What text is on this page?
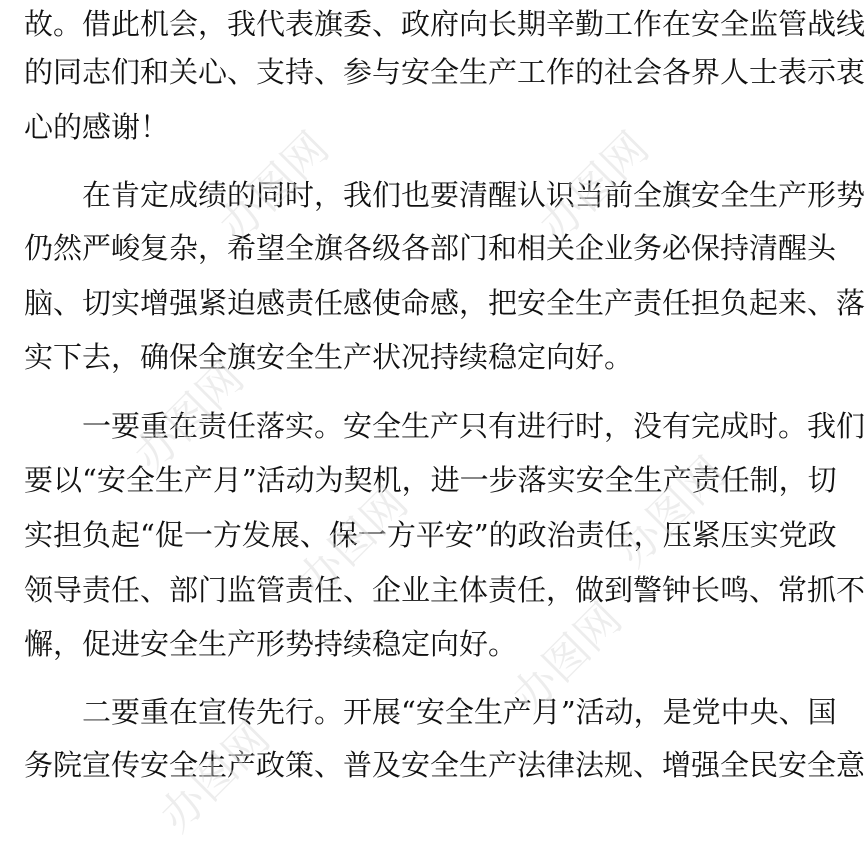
故。借此机会，我代表旗委、政府向长期辛勤工作在安全监管战线
的同志们和关心、支持、参与安全生产工作的社会各界人士表示衷
心的感谢！
在肯定成绩的同时，我们也要清醒认识当前全旗安全生产形势
仍然严峻复杂，希望全旗各级各部门和相关企业务必保持清醒头
脑、切实增强紧迫感责任感使命感，把安全生产责任担负起来、落
实下去，确保全旗安全生产状况持续稳定向好。
一要重在责任落实。安全生产只有进行时，没有完成时。我们
要以“安全生产月”活动为契机，进一步落实安全生产责任制，切
实担负起“促一方发展、保一方平安”的政治责任，压紧压实党政
领导责任、部门监管责任、企业主体责任，做到警钟长鸣、常抓不
懈，促进安全生产形势持续稳定向好。
二要重在宣传先行。开展“安全生产月”活动，是党中央、国
务院宣传安全生产政策、普及安全生产法律法规、增强全民安全意
办图网	办图网
办图网
办图网	办图网
办图网
办图网
